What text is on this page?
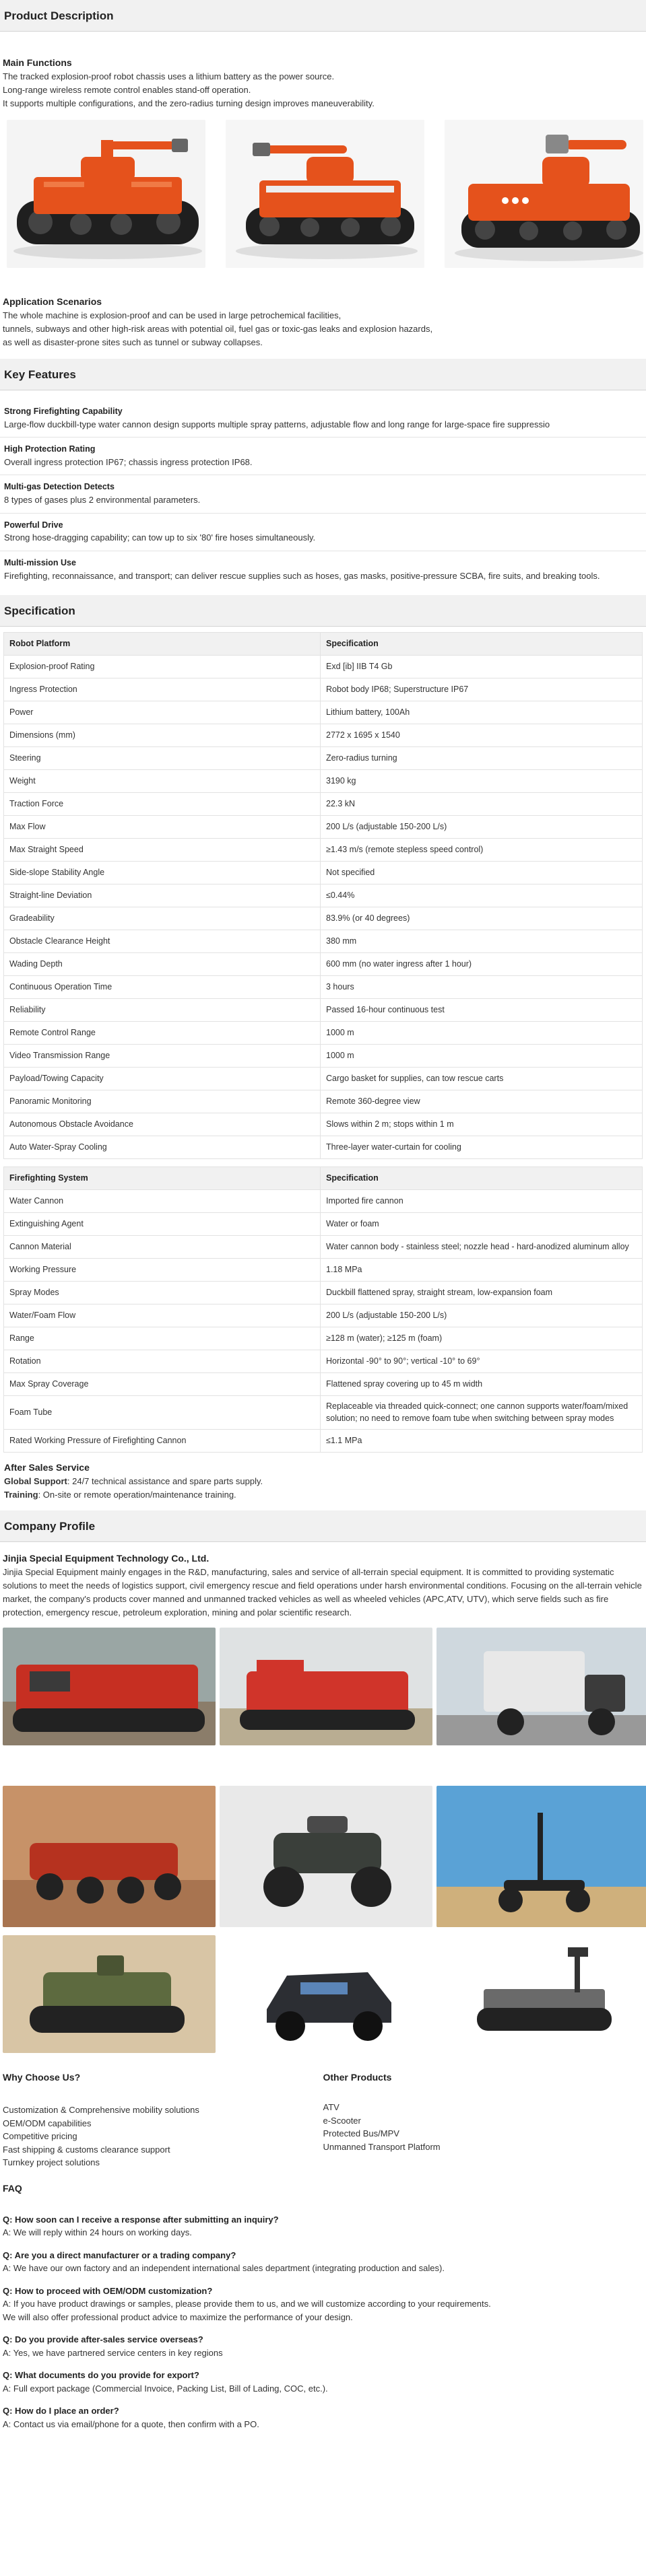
Product Description
Main Functions
The tracked explosion-proof robot chassis uses a lithium battery as the power source.
Long-range wireless remote control enables stand-off operation.
It supports multiple configurations, and the zero-radius turning design improves maneuverability.
Application Scenarios
The whole machine is explosion-proof and can be used in large petrochemical facilities,
tunnels, subways and other high-risk areas with potential oil, fuel gas or toxic-gas leaks and explosion hazards,
as well as disaster-prone sites such as tunnel or subway collapses.
Key Features
Strong Firefighting Capability
Large-flow duckbill-type water cannon design supports multiple spray patterns, adjustable flow and long range for large-space fire suppressio
High Protection Rating
Overall ingress protection IP67; chassis ingress protection IP68.
Multi-gas Detection Detects
8 types of gases plus 2 environmental parameters.
Powerful Drive
Strong hose-dragging capability; can tow up to six '80' fire hoses simultaneously.
Multi-mission Use
Firefighting, reconnaissance, and transport; can deliver rescue supplies such as hoses, gas masks, positive-pressure SCBA, fire suits, and breaking tools.
Specification
Robot Platform	Specification
Explosion-proof Rating	Exd [ib] IIB T4 Gb
Ingress Protection	Robot body IP68; Superstructure IP67
Power	Lithium battery, 100Ah
Dimensions (mm)	2772 x 1695 x 1540
Steering	Zero-radius turning
Weight	3190 kg
Traction Force	22.3 kN
Max Flow	200 L/s (adjustable 150-200 L/s)
Max Straight Speed	≥1.43 m/s (remote stepless speed control)
Side-slope Stability Angle	Not specified
Straight-line Deviation	≤0.44%
Gradeability	83.9% (or 40 degrees)
Obstacle Clearance Height	380 mm
Wading Depth	600 mm (no water ingress after 1 hour)
Continuous Operation Time	3 hours
Reliability	Passed 16-hour continuous test
Remote Control Range	1000 m
Video Transmission Range	1000 m
Payload/Towing Capacity	Cargo basket for supplies, can tow rescue carts
Panoramic Monitoring	Remote 360-degree view
Autonomous Obstacle Avoidance	Slows within 2 m; stops within 1 m
Auto Water-Spray Cooling	Three-layer water-curtain for cooling

Firefighting System	Specification
Water Cannon	Imported fire cannon
Extinguishing Agent	Water or foam
Cannon Material	Water cannon body - stainless steel; nozzle head - hard-anodized aluminum alloy
Working Pressure	1.18 MPa
Spray Modes	Duckbill flattened spray, straight stream, low-expansion foam
Water/Foam Flow	200 L/s (adjustable 150-200 L/s)
Range	≥128 m (water); ≥125 m (foam)
Rotation	Horizontal -90° to 90°; vertical -10° to 69°
Max Spray Coverage	Flattened spray covering up to 45 m width
Foam Tube	Replaceable via threaded quick-connect; one cannon supports water/foam/mixed solution; no need to remove foam tube when switching between spray modes
Rated Working Pressure of Firefighting Cannon	≤1.1 MPa
After Sales Service
Global Support: 24/7 technical assistance and spare parts supply.
Training: On-site or remote operation/maintenance training.
Company Profile
Jinjia Special Equipment Technology Co., Ltd.
Jinjia Special Equipment mainly engages in the R&D, manufacturing, sales and service of all-terrain special equipment. It is committed to providing systematic solutions to meet the needs of logistics support, civil emergency rescue and field operations under harsh environmental conditions. Focusing on the all-terrain vehicle market, the company's products cover manned and unmanned tracked vehicles as well as wheeled vehicles (APC,ATV, UTV), which serve fields such as fire protection, emergency rescue, petroleum exploration, mining and polar scientific research.
Why Choose Us?
Customization & Comprehensive mobility solutions
OEM/ODM capabilities
Competitive pricing
Fast shipping & customs clearance support
Turnkey project solutions
Other Products
ATV
e-Scooter
Protected Bus/MPV
Unmanned Transport Platform
FAQ
Q: How soon can I receive a response after submitting an inquiry?
A: We will reply within 24 hours on working days.
Q: Are you a direct manufacturer or a trading company?
A: We have our own factory and an independent international sales department (integrating production and sales).
Q: How to proceed with OEM/ODM customization?
A: If you have product drawings or samples, please provide them to us, and we will customize according to your requirements.
We will also offer professional product advice to maximize the performance of your design.
Q: Do you provide after-sales service overseas?
A: Yes, we have partnered service centers in key regions
Q: What documents do you provide for export?
A: Full export package (Commercial Invoice, Packing List, Bill of Lading, COC, etc.).
Q: How do I place an order?
A: Contact us via email/phone for a quote, then confirm with a PO.
